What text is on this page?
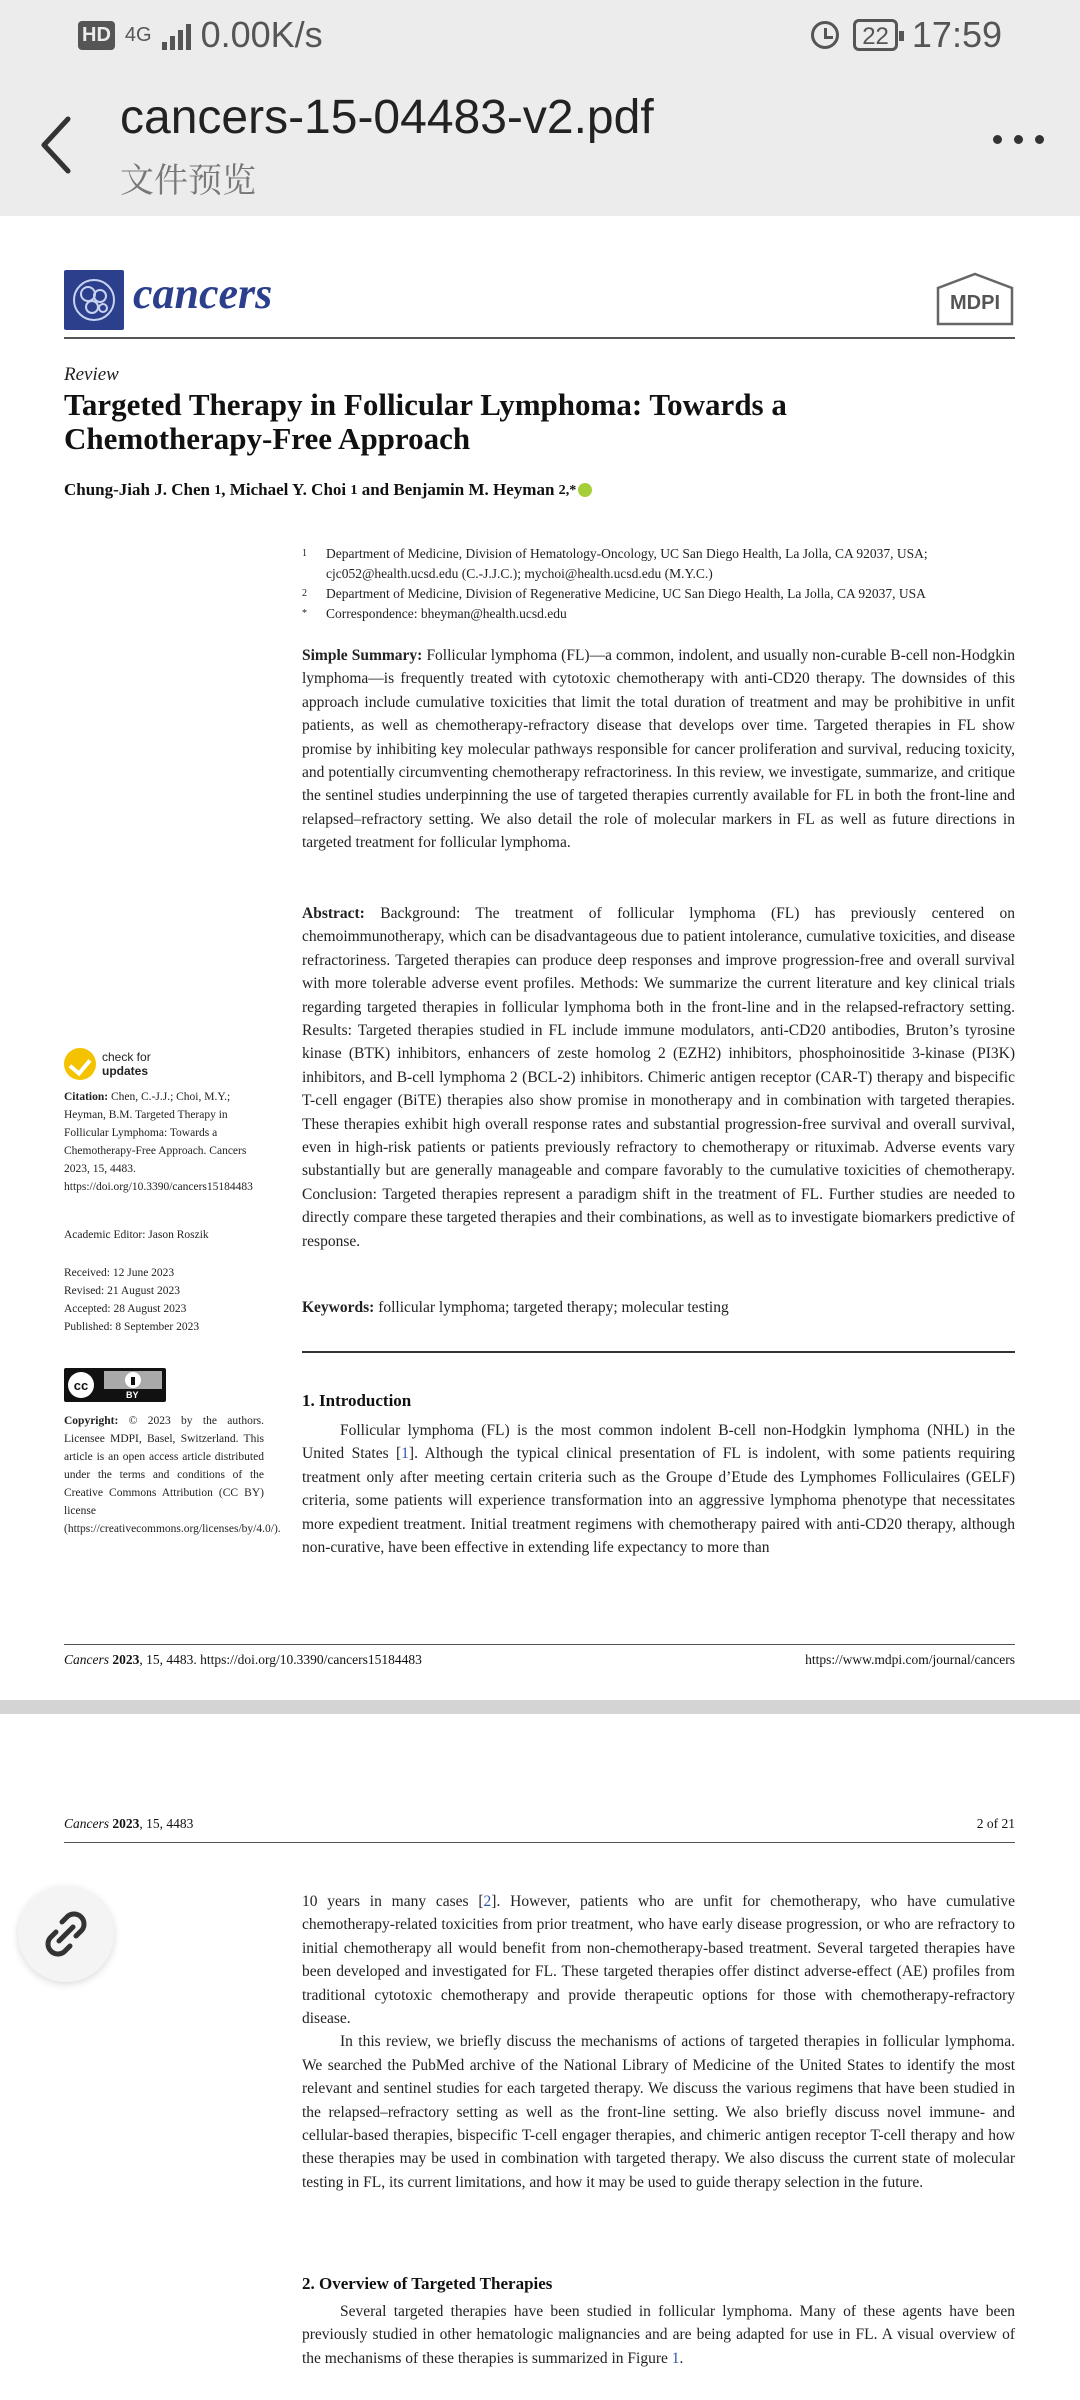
HD 4G 0.00K/s	22 17:59
cancers-15-04483-v2.pdf
文件预览
cancers	MDPI
Review
Targeted Therapy in Follicular Lymphoma: Towards a Chemotherapy-Free Approach
Chung-Jiah J. Chen
1 , Michael Y. Choi
1
and
Benjamin M. Heyman
2,*
1	Department of Medicine, Division of Hematology-Oncology, UC San Diego Health, La Jolla, CA 92037, USA; cjc052@health.ucsd.edu (C.-J.J.C.); mychoi@health.ucsd.edu (M.Y.C.)
2	Department of Medicine, Division of Regenerative Medicine, UC San Diego Health, La Jolla, CA 92037, USA
*	Correspondence: bheyman@health.ucsd.edu
Simple Summary: Follicular lymphoma (FL)—a common, indolent, and usually non-curable B-cell non-Hodgkin lymphoma—is frequently treated with cytotoxic chemotherapy with anti-CD20 therapy. The downsides of this approach include cumulative toxicities that limit the total duration of treatment and may be prohibitive in unfit patients, as well as chemotherapy-refractory disease that develops over time. Targeted therapies in FL show promise by inhibiting key molecular pathways responsible for cancer proliferation and survival, reducing toxicity, and potentially circumventing chemotherapy refractoriness. In this review, we investigate, summarize, and critique the sentinel studies underpinning the use of targeted therapies currently available for FL in both the front-line and relapsed–refractory setting. We also detail the role of molecular markers in FL as well as future directions in targeted treatment for follicular lymphoma.
Abstract: Background: The treatment of follicular lymphoma (FL) has previously centered on chemoimmunotherapy, which can be disadvantageous due to patient intolerance, cumulative toxicities, and disease refractoriness. Targeted therapies can produce deep responses and improve progression-free and overall survival with more tolerable adverse event profiles. Methods: We summarize the current literature and key clinical trials regarding targeted therapies in follicular lymphoma both in the front-line and in the relapsed-refractory setting. Results: Targeted therapies studied in FL include immune modulators, anti-CD20 antibodies, Bruton’s tyrosine kinase (BTK) inhibitors, enhancers of zeste homolog 2 (EZH2) inhibitors, phosphoinositide 3-kinase (PI3K) inhibitors, and B-cell lymphoma 2 (BCL-2) inhibitors. Chimeric antigen receptor (CAR-T) therapy and bispecific T-cell engager (BiTE) therapies also show promise in monotherapy and in combination with targeted therapies. These therapies exhibit high overall response rates and substantial progression-free survival and overall survival, even in high-risk patients or patients previously refractory to chemotherapy or rituximab. Adverse events vary substantially but are generally manageable and compare favorably to the cumulative toxicities of chemotherapy. Conclusion: Targeted therapies represent a paradigm shift in the treatment of FL. Further studies are needed to directly compare these targeted therapies and their combinations, as well as to investigate biomarkers predictive of response.
Keywords: follicular lymphoma; targeted therapy; molecular testing
1. Introduction
Follicular lymphoma (FL) is the most common indolent B-cell non-Hodgkin lymphoma (NHL) in the United States [1]. Although the typical clinical presentation of FL is indolent, with some patients requiring treatment only after meeting certain criteria such as the Groupe d’Etude des Lymphomes Folliculaires (GELF) criteria, some patients will experience transformation into an aggressive lymphoma phenotype that necessitates more expedient treatment. Initial treatment regimens with chemotherapy paired with anti-CD20 therapy, although non-curative, have been effective in extending life expectancy to more than
check for
updates
Citation: Chen, C.-J.J.; Choi, M.Y.; Heyman, B.M. Targeted Therapy in Follicular Lymphoma: Towards a Chemotherapy-Free Approach. Cancers 2023, 15, 4483. https://doi.org/10.3390/cancers15184483
Academic Editor: Jason Roszik
Received: 12 June 2023
Revised: 21 August 2023
Accepted: 28 August 2023
Published: 8 September 2023
cc
BY
Copyright: © 2023 by the authors. Licensee MDPI, Basel, Switzerland. This article is an open access article distributed under the terms and conditions of the Creative Commons Attribution (CC BY) license (https://creativecommons.org/licenses/by/4.0/).
Cancers 2023, 15, 4483. https://doi.org/10.3390/cancers15184483	https://www.mdpi.com/journal/cancers
Cancers 2023, 15, 4483	2 of 21

10 years in many cases [2]. However, patients who are unfit for chemotherapy, who have cumulative chemotherapy-related toxicities from prior treatment, who have early disease progression, or who are refractory to initial chemotherapy all would benefit from non-chemotherapy-based treatment. Several targeted therapies have been developed and investigated for FL. These targeted therapies offer distinct adverse-effect (AE) profiles from traditional cytotoxic chemotherapy and provide therapeutic options for those with chemotherapy-refractory disease.

In this review, we briefly discuss the mechanisms of actions of targeted therapies in follicular lymphoma. We searched the PubMed archive of the National Library of Medicine of the United States to identify the most relevant and sentinel studies for each targeted therapy. We discuss the various regimens that have been studied in the relapsed–refractory setting as well as the front-line setting. We also briefly discuss novel immune- and cellular-based therapies, bispecific T-cell engager therapies, and chimeric antigen receptor T-cell therapy and how these therapies may be used in combination with targeted therapy. We also discuss the current state of molecular testing in FL, its current limitations, and how it may be used to guide therapy selection in the future.

2. Overview of Targeted Therapies
Several targeted therapies have been studied in follicular lymphoma. Many of these agents have been previously studied in other hematologic malignancies and are being adapted for use in FL. A visual overview of the mechanisms of these therapies is summarized in Figure 1.
